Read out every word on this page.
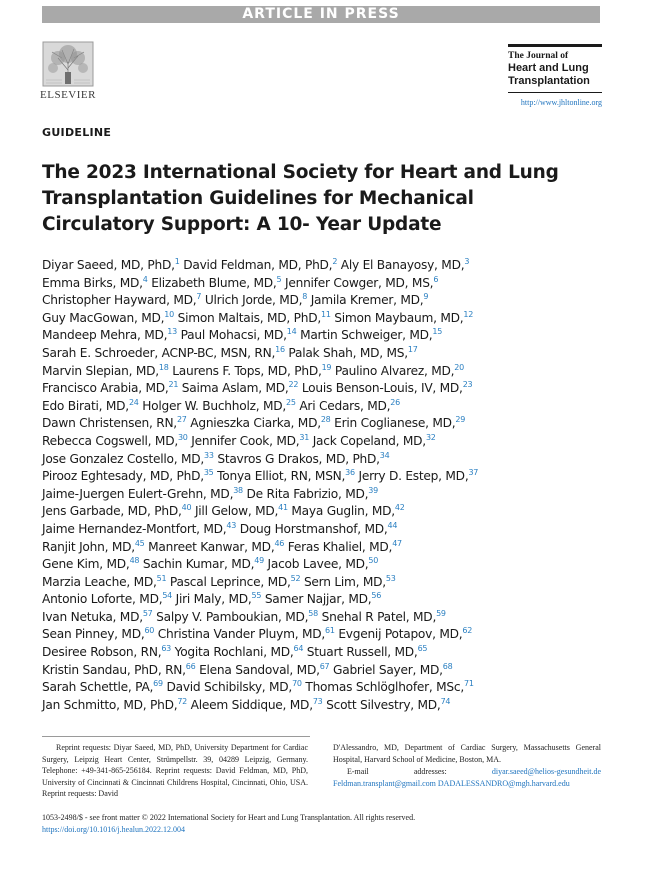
ARTICLE IN PRESS
ELSEVIER
The Journal of
Heart and Lung
Transplantation
http://www.jhltonline.org
GUIDELINE
The 2023 International Society for Heart and Lung Transplantation Guidelines for Mechanical Circulatory Support: A 10- Year Update
Diyar Saeed, MD, PhD,$^1$ David Feldman, MD, PhD,$^2$ Aly El Banayosy, MD,$^3$
Emma Birks, MD,$^4$ Elizabeth Blume, MD,$^5$ Jennifer Cowger, MD, MS,$^6$
Christopher Hayward, MD,$^7$ Ulrich Jorde, MD,$^8$ Jamila Kremer, MD,$^9$
Guy MacGowan, MD,$^{10}$ Simon Maltais, MD, PhD,$^{11}$ Simon Maybaum, MD,$^{12}$
Mandeep Mehra, MD,$^{13}$ Paul Mohacsi, MD,$^{14}$ Martin Schweiger, MD,$^{15}$
Sarah E. Schroeder, ACNP-BC, MSN, RN,$^{16}$ Palak Shah, MD, MS,$^{17}$
Marvin Slepian, MD,$^{18}$ Laurens F. Tops, MD, PhD,$^{19}$ Paulino Alvarez, MD,$^{20}$
Francisco Arabia, MD,$^{21}$ Saima Aslam, MD,$^{22}$ Louis Benson-Louis, IV, MD,$^{23}$
Edo Birati, MD,$^{24}$ Holger W. Buchholz, MD,$^{25}$ Ari Cedars, MD,$^{26}$
Dawn Christensen, RN,$^{27}$ Agnieszka Ciarka, MD,$^{28}$ Erin Coglianese, MD,$^{29}$
Rebecca Cogswell, MD,$^{30}$ Jennifer Cook, MD,$^{31}$ Jack Copeland, MD,$^{32}$
Jose Gonzalez Costello, MD,$^{33}$ Stavros G Drakos, MD, PhD,$^{34}$
Pirooz Eghtesady, MD, PhD,$^{35}$ Tonya Elliot, RN, MSN,$^{36}$ Jerry D. Estep, MD,$^{37}$
Jaime-Juergen Eulert-Grehn, MD,$^{38}$ De Rita Fabrizio, MD,$^{39}$
Jens Garbade, MD, PhD,$^{40}$ Jill Gelow, MD,$^{41}$ Maya Guglin, MD,$^{42}$
Jaime Hernandez-Montfort, MD,$^{43}$ Doug Horstmanshof, MD,$^{44}$
Ranjit John, MD,$^{45}$ Manreet Kanwar, MD,$^{46}$ Feras Khaliel, MD,$^{47}$
Gene Kim, MD,$^{48}$ Sachin Kumar, MD,$^{49}$ Jacob Lavee, MD,$^{50}$
Marzia Leache, MD,$^{51}$ Pascal Leprince, MD,$^{52}$ Sern Lim, MD,$^{53}$
Antonio Loforte, MD,$^{54}$ Jiri Maly, MD,$^{55}$ Samer Najjar, MD,$^{56}$
Ivan Netuka, MD,$^{57}$ Salpy V. Pamboukian, MD,$^{58}$ Snehal R Patel, MD,$^{59}$
Sean Pinney, MD,$^{60}$ Christina Vander Pluym, MD,$^{61}$ Evgenij Potapov, MD,$^{62}$
Desiree Robson, RN,$^{63}$ Yogita Rochlani, MD,$^{64}$ Stuart Russell, MD,$^{65}$
Kristin Sandau, PhD, RN,$^{66}$ Elena Sandoval, MD,$^{67}$ Gabriel Sayer, MD,$^{68}$
Sarah Schettle, PA,$^{69}$ David Schibilsky, MD,$^{70}$ Thomas Schlöglhofer, MSc,$^{71}$
Jan Schmitto, MD, PhD,$^{72}$ Aleem Siddique, MD,$^{73}$ Scott Silvestry, MD,$^{74}$
Reprint requests: Diyar Saeed, MD, PhD, University Department for Cardiac Surgery, Leipzig Heart Center, Strümpellstr. 39, 04289 Leipzig, Germany. Telephone: +49-341-865-256184. Reprint requests: David Feldman, MD, PhD, University of Cincinnati & Cincinnati Childrens Hospital, Cincinnati, Ohio, USA. Reprint requests: David
D'Alessandro, MD, Department of Cardiac Surgery, Massachusetts General Hospital, Harvard School of Medicine, Boston, MA.
E-mail addresses:	diyar.saeed@helios-gesundheit.de Feldman.transplant@gmail.com DADALESSANDRO@mgh.harvard.edu
1053-2498/$ - see front matter © 2022 International Society for Heart and Lung Transplantation. All rights reserved.
https://doi.org/10.1016/j.healun.2022.12.004
